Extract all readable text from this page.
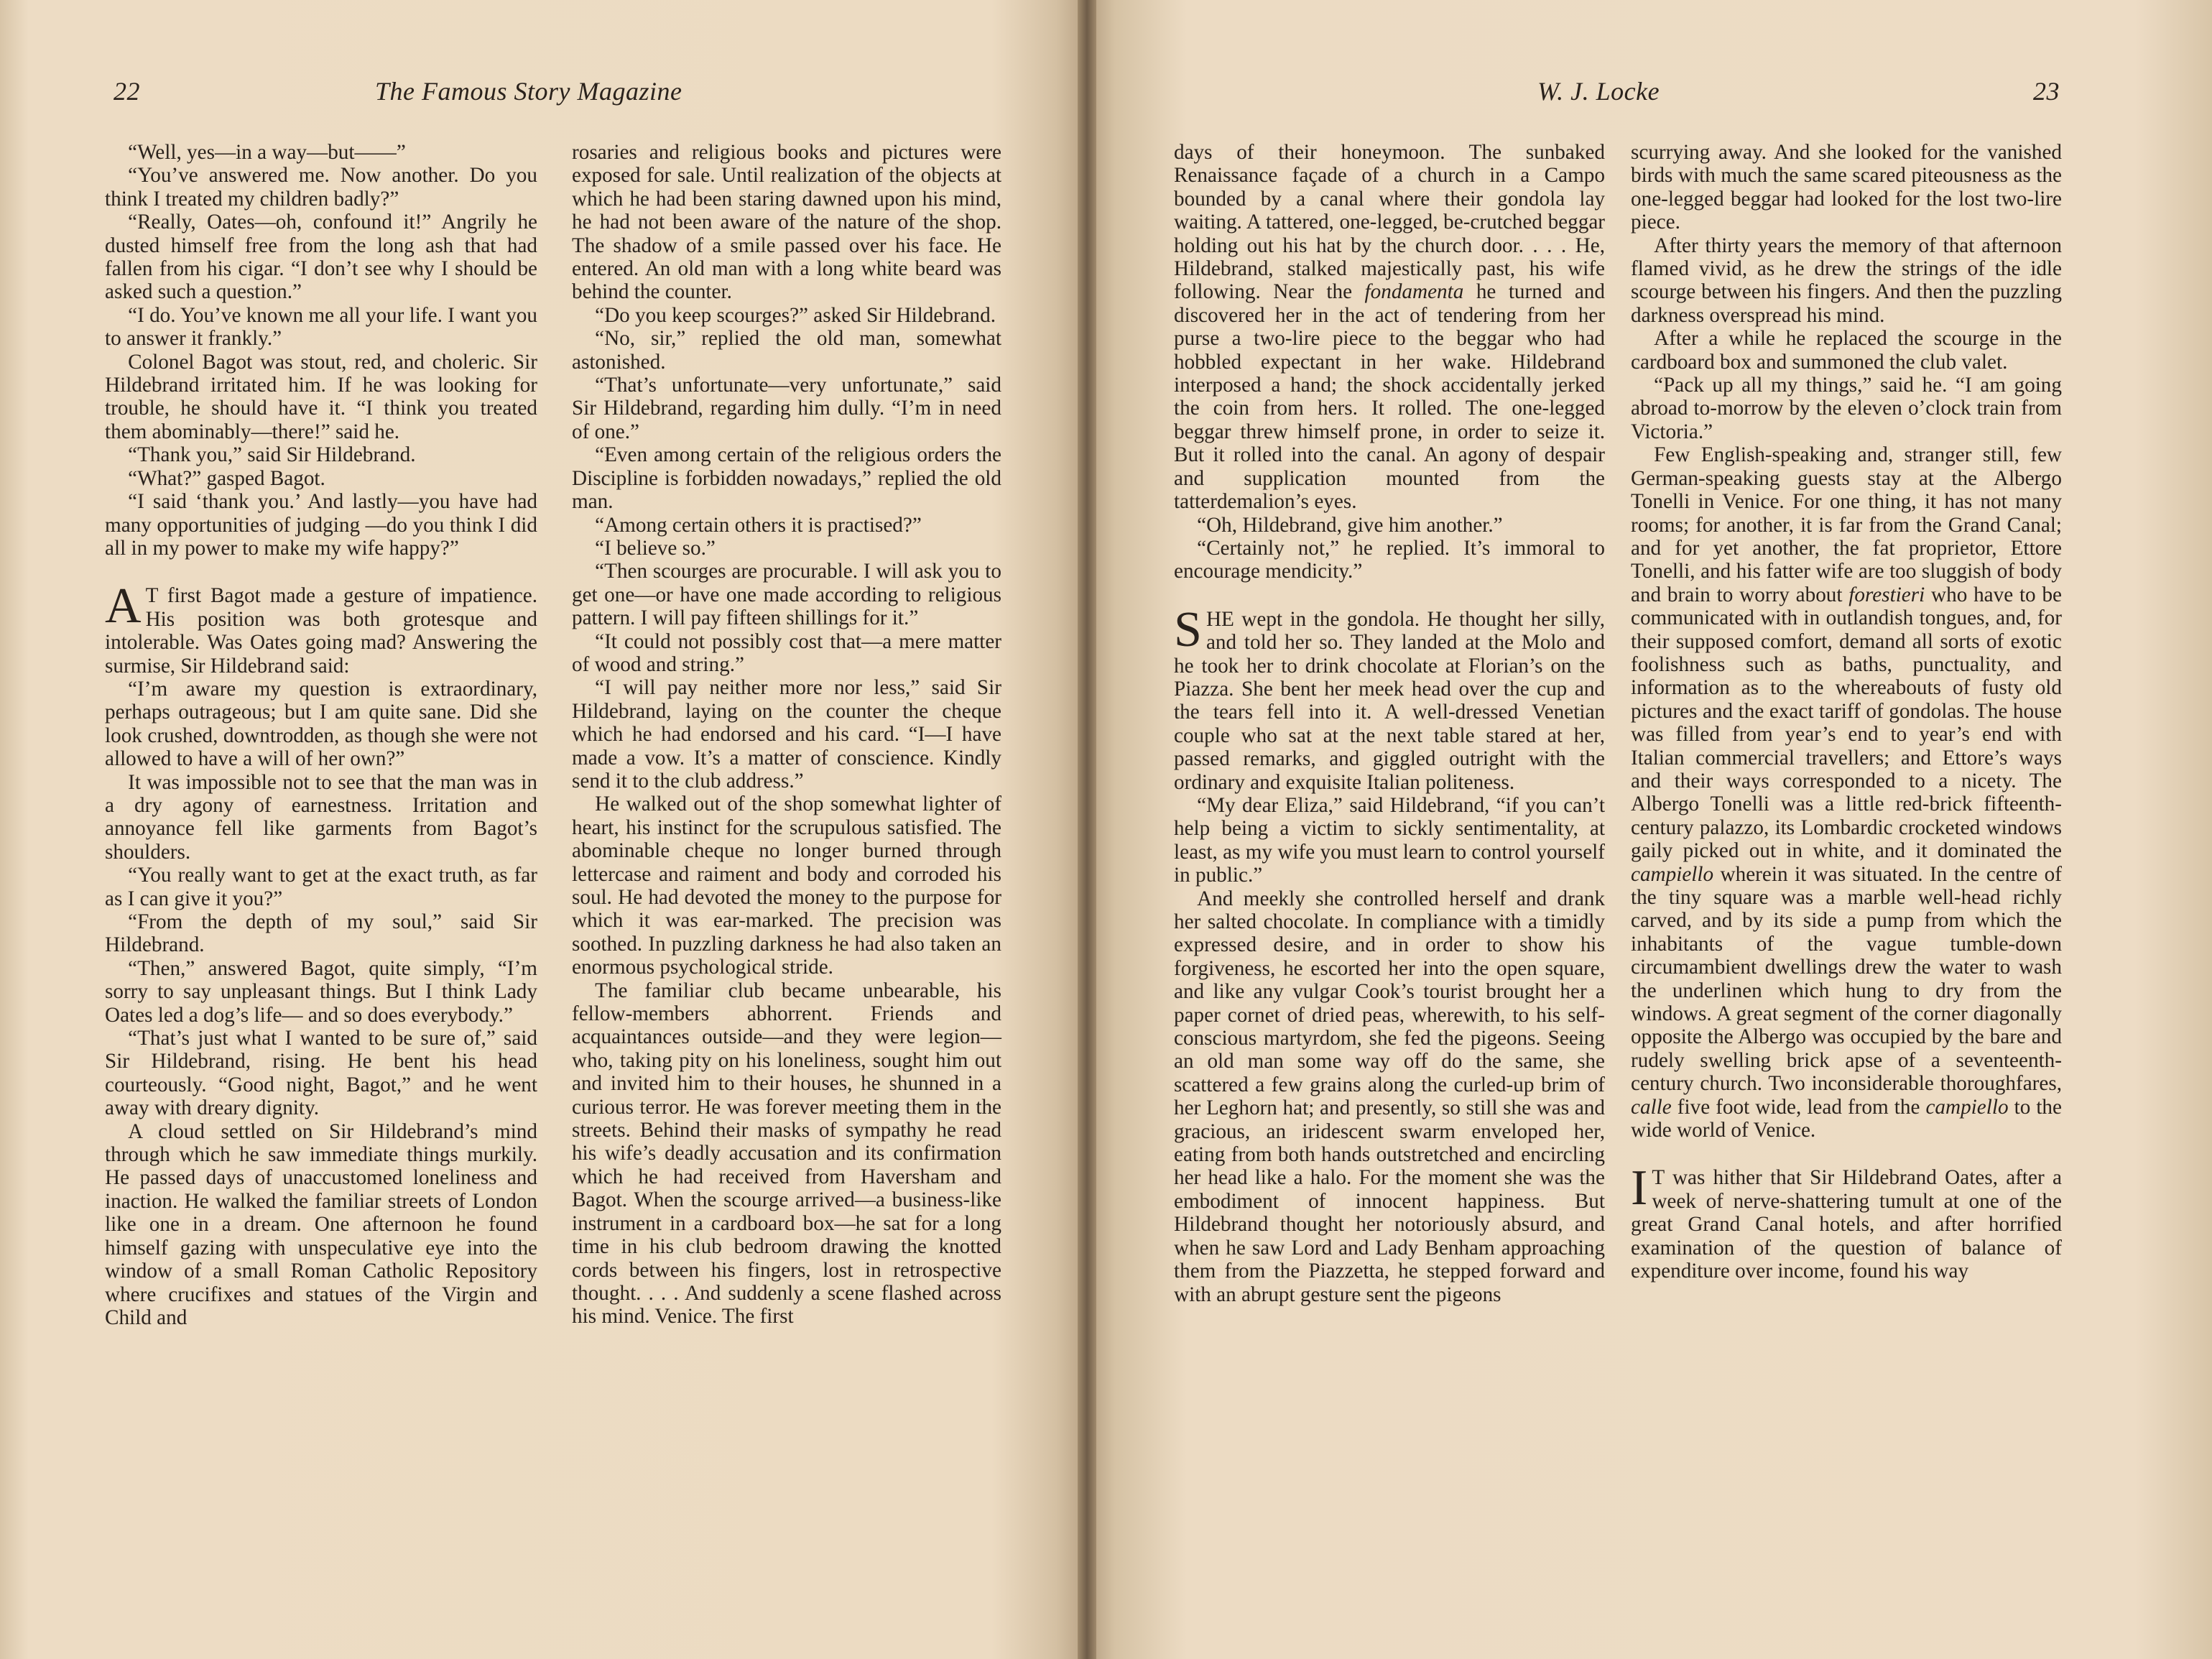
22	The Famous Story Magazine

“Well, yes—in a way—but——”

“You’ve answered me. Now another. Do you think I treated my children badly?”

“Really, Oates—oh, confound it!” Angrily he dusted himself free from the long ash that had fallen from his cigar. “I don’t see why I should be asked such a question.”

“I do. You’ve known me all your life. I want you to answer it frankly.”

Colonel Bagot was stout, red, and choleric. Sir Hildebrand irritated him. If he was looking for trouble, he should have it. “I think you treated them abominably—there!” said he.

“Thank you,” said Sir Hildebrand.

“What?” gasped Bagot.

“I said ‘thank you.’ And lastly—you have had many opportunities of judging —do you think I did all in my power to make my wife happy?”

A T first Bagot made a gesture of impatience. His position was both grotesque and intolerable. Was Oates going mad? Answering the surmise, Sir Hildebrand said:

“I’m aware my question is extraordinary, perhaps outrageous; but I am quite sane. Did she look crushed, downtrodden, as though she were not allowed to have a will of her own?”

It was impossible not to see that the man was in a dry agony of earnestness. Irritation and annoyance fell like garments from Bagot’s shoulders.

“You really want to get at the exact truth, as far as I can give it you?”

“From the depth of my soul,” said Sir Hildebrand.

“Then,” answered Bagot, quite simply, “I’m sorry to say unpleasant things. But I think Lady Oates led a dog’s life— and so does everybody.”

“That’s just what I wanted to be sure of,” said Sir Hildebrand, rising. He bent his head courteously. “Good night, Bagot,” and he went away with dreary dignity.

A cloud settled on Sir Hildebrand’s mind through which he saw immediate things murkily. He passed days of unaccustomed loneliness and inaction. He walked the familiar streets of London like one in a dream. One afternoon he found himself gazing with unspeculative eye into the window of a small Roman Catholic Repository where crucifixes and statues of the Virgin and Child and

rosaries and religious books and pictures were exposed for sale. Until realization of the objects at which he had been staring dawned upon his mind, he had not been aware of the nature of the shop. The shadow of a smile passed over his face. He entered. An old man with a long white beard was behind the counter.

“Do you keep scourges?” asked Sir Hildebrand.

“No, sir,” replied the old man, somewhat astonished.

“That’s unfortunate—very unfortunate,” said Sir Hildebrand, regarding him dully. “I’m in need of one.”

“Even among certain of the religious orders the Discipline is forbidden nowadays,” replied the old man.

“Among certain others it is practised?”

“I believe so.”

“Then scourges are procurable. I will ask you to get one—or have one made according to religious pattern. I will pay fifteen shillings for it.”

“It could not possibly cost that—a mere matter of wood and string.”

“I will pay neither more nor less,” said Sir Hildebrand, laying on the counter the cheque which he had endorsed and his card. “I—I have made a vow. It’s a matter of conscience. Kindly send it to the club address.”

He walked out of the shop somewhat lighter of heart, his instinct for the scrupulous satisfied. The abominable cheque no longer burned through lettercase and raiment and body and corroded his soul. He had devoted the money to the purpose for which it was ear-marked. The precision was soothed. In puzzling darkness he had also taken an enormous psychological stride.

The familiar club became unbearable, his fellow-members abhorrent. Friends and acquaintances outside—and they were legion—who, taking pity on his loneliness, sought him out and invited him to their houses, he shunned in a curious terror. He was forever meeting them in the streets. Behind their masks of sympathy he read his wife’s deadly accusation and its confirmation which he had received from Haversham and Bagot. When the scourge arrived—a business-like instrument in a cardboard box—he sat for a long time in his club bedroom drawing the knotted cords between his fingers, lost in retrospective thought. . . . And suddenly a scene flashed across his mind. Venice. The first

W. J. Locke	23

days of their honeymoon. The sunbaked Renaissance façade of a church in a Campo bounded by a canal where their gondola lay waiting. A tattered, one-legged, be-crutched beggar holding out his hat by the church door. . . . He, Hildebrand, stalked majestically past, his wife following. Near the fondamenta he turned and discovered her in the act of tendering from her purse a two-lire piece to the beggar who had hobbled expectant in her wake. Hildebrand interposed a hand; the shock accidentally jerked the coin from hers. It rolled. The one-legged beggar threw himself prone, in order to seize it. But it rolled into the canal. An agony of despair and supplication mounted from the tatterdemalion’s eyes.

“Oh, Hildebrand, give him another.”

“Certainly not,” he replied. It’s immoral to encourage mendicity.”

SHE wept in the gondola. He thought her silly, and told her so. They landed at the Molo and he took her to drink chocolate at Florian’s on the Piazza. She bent her meek head over the cup and the tears fell into it. A well-dressed Venetian couple who sat at the next table stared at her, passed remarks, and giggled outright with the ordinary and exquisite Italian politeness.

“My dear Eliza,” said Hildebrand, “if you can’t help being a victim to sickly sentimentality, at least, as my wife you must learn to control yourself in public.”

And meekly she controlled herself and drank her salted chocolate. In compliance with a timidly expressed desire, and in order to show his forgiveness, he escorted her into the open square, and like any vulgar Cook’s tourist brought her a paper cornet of dried peas, wherewith, to his self-conscious martyrdom, she fed the pigeons. Seeing an old man some way off do the same, she scattered a few grains along the curled-up brim of her Leghorn hat; and presently, so still she was and gracious, an iridescent swarm enveloped her, eating from both hands outstretched and encircling her head like a halo. For the moment she was the embodiment of innocent happiness. But Hildebrand thought her notoriously absurd, and when he saw Lord and Lady Benham approaching them from the Piazzetta, he stepped forward and with an abrupt gesture sent the pigeons

scurrying away. And she looked for the vanished birds with much the same scared piteousness as the one-legged beggar had looked for the lost two-lire piece.

After thirty years the memory of that afternoon flamed vivid, as he drew the strings of the idle scourge between his fingers. And then the puzzling darkness overspread his mind.

After a while he replaced the scourge in the cardboard box and summoned the club valet.

“Pack up all my things,” said he. “I am going abroad to-morrow by the eleven o’clock train from Victoria.”

Few English-speaking and, stranger still, few German-speaking guests stay at the Albergo Tonelli in Venice. For one thing, it has not many rooms; for another, it is far from the Grand Canal; and for yet another, the fat proprietor, Ettore Tonelli, and his fatter wife are too sluggish of body and brain to worry about forestieri who have to be communicated with in outlandish tongues, and, for their supposed comfort, demand all sorts of exotic foolishness such as baths, punctuality, and information as to the whereabouts of fusty old pictures and the exact tariff of gondolas. The house was filled from year’s end to year’s end with Italian commercial travellers; and Ettore’s ways and their ways corresponded to a nicety. The Albergo Tonelli was a little red-brick fifteenth-century palazzo, its Lombardic crocketed windows gaily picked out in white, and it dominated the campiello wherein it was situated. In the centre of the tiny square was a marble well-head richly carved, and by its side a pump from which the inhabitants of the vague tumble-down circumambient dwellings drew the water to wash the underlinen which hung to dry from the windows. A great segment of the corner diagonally opposite the Albergo was occupied by the bare and rudely swelling brick apse of a seventeenth-century church. Two inconsiderable thoroughfares, calle five foot wide, lead from the campiello to the wide world of Venice.

I T was hither that Sir Hildebrand Oates, after a week of nerve-shattering tumult at one of the great Grand Canal hotels, and after horrified examination of the question of balance of expenditure over income, found his way
